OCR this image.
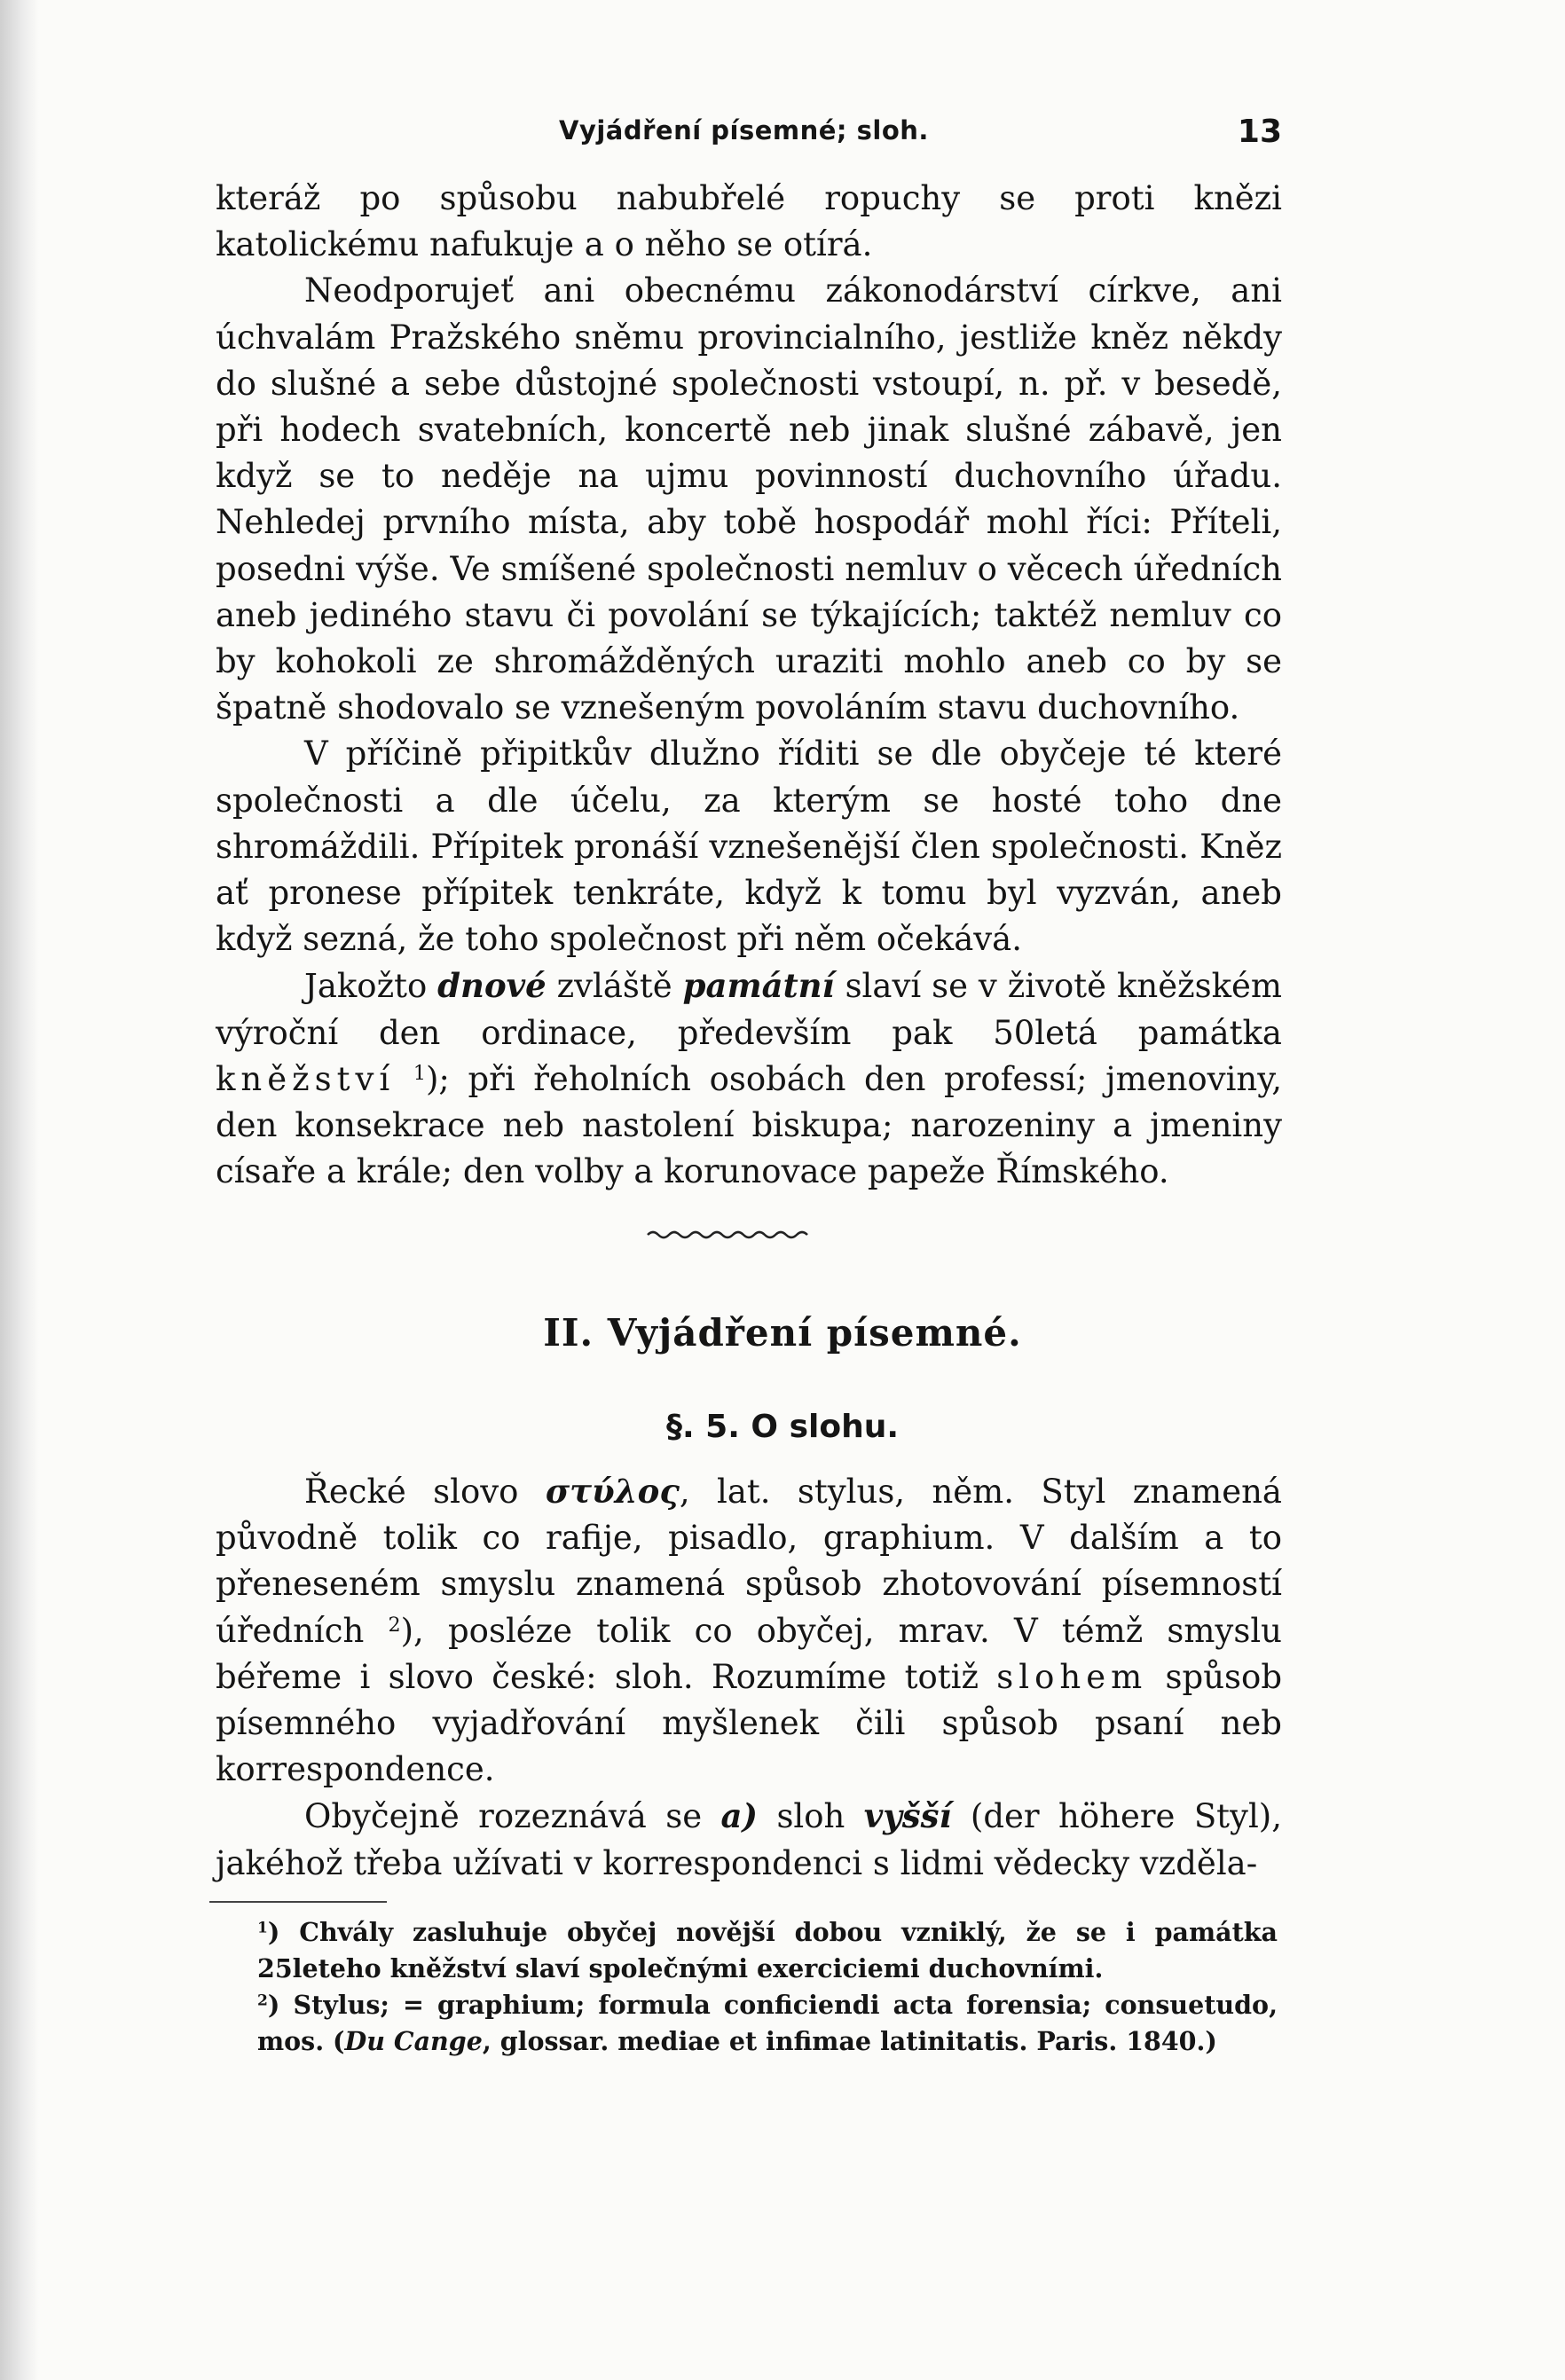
Vyjádření písemné; sloh.	13

kteráž po spůsobu nabubřelé ropuchy se proti knězi katolickému nafukuje a o něho se otírá.

Neodporujeť ani obecnému zákonodárství církve, ani úchvalám Pražského sněmu provincialního, jestliže kněz někdy do slušné a sebe důstojné společnosti vstoupí, n. př. v besedě, při hodech svatebních, koncertě neb jinak slušné zábavě, jen když se to neděje na ujmu povinností duchovního úřadu. Nehledej prvního místa, aby tobě hospodář mohl říci: Příteli, posedni výše. Ve smíšené společnosti nemluv o věcech úředních aneb jediného stavu či povolání se týkajících; taktéž nemluv co by kohokoli ze shromážděných uraziti mohlo aneb co by se špatně shodovalo se vznešeným povoláním stavu duchovního.

V příčině připitkův dlužno říditi se dle obyčeje té které společnosti a dle účelu, za kterým se hosté toho dne shromáždili. Přípitek pronáší vznešenější člen společnosti. Kněz ať pronese přípitek tenkráte, když k tomu byl vyzván, aneb když sezná, že toho společnost při něm očekává.

Jakožto dnové zvláště památní slaví se v životě kněžském výroční den ordinace, především pak 50letá památka kněžství $^1$); při řeholních osobách den professí; jmenoviny, den konsekrace neb nastolení biskupa; narozeniny a jmeniny císaře a krále; den volby a korunovace papeže Římského.

II. Vyjádření písemné.
§. 5. O slohu.

Řecké slovo στύλος, lat. stylus, něm. Styl znamená původně tolik co rafije, pisadlo, graphium. V dalším a to přeneseném smyslu znamená spůsob zhotovování písemností úředních $^2$), posléze tolik co obyčej, mrav. V témž smyslu béřeme i slovo české: sloh. Rozumíme totiž slohem spůsob písemného vyjadřování myšlenek čili spůsob psaní neb korrespondence.

Obyčejně rozeznává se a) sloh vyšší (der höhere Styl), jakéhož třeba užívati v korrespondenci s lidmi vědecky vzděla-

$^1$) Chvály zasluhuje obyčej novější dobou vzniklý, že se i památka 25leteho kněžství slaví společnými exerciciemi duchovními.

$^2$) Stylus; = graphium; formula conficiendi acta forensia; consuetudo, mos. (Du Cange, glossar. mediae et infimae latinitatis. Paris. 1840.)
